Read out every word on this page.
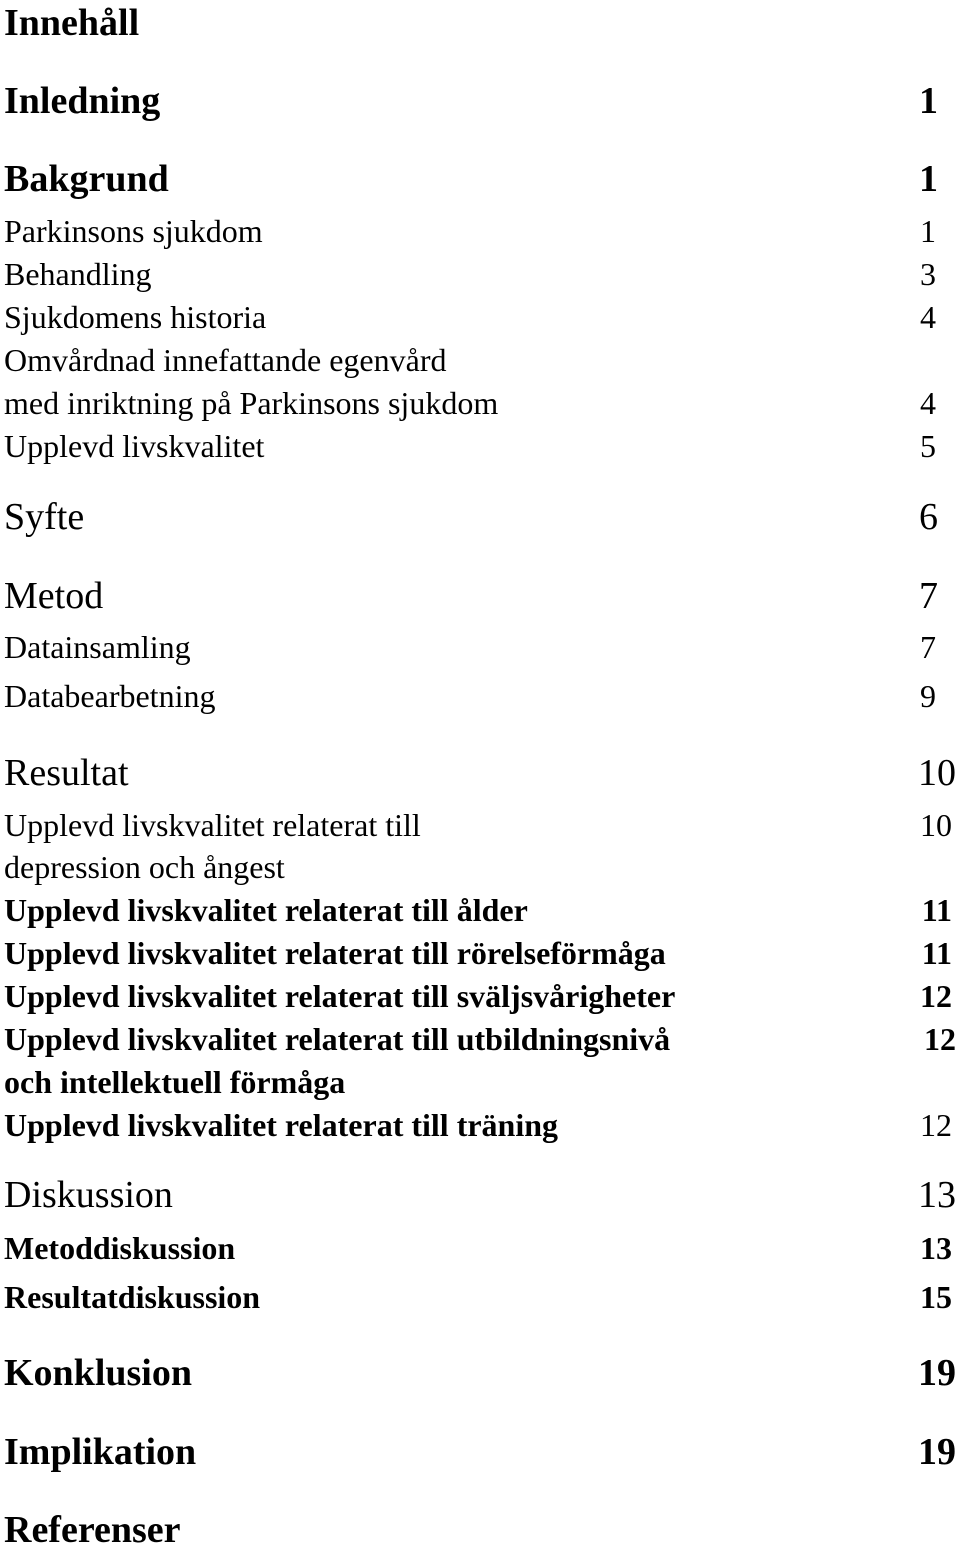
Innehåll
Inledning	1
Bakgrund	1
Parkinsons sjukdom	1
Behandling	3
Sjukdomens historia	4
Omvårdnad innefattande egenvård
med inriktning på Parkinsons sjukdom	4
Upplevd livskvalitet	5
Syfte	6
Metod	7
Datainsamling	7
Databearbetning	9
Resultat	10
Upplevd livskvalitet relaterat till	10
depression och ångest
Upplevd livskvalitet relaterat till ålder	11
Upplevd livskvalitet relaterat till rörelseförmåga	11
Upplevd livskvalitet relaterat till sväljsvårigheter	12
Upplevd livskvalitet relaterat till utbildningsnivå	12
och intellektuell förmåga
Upplevd livskvalitet relaterat till träning	12
Diskussion	13
Metoddiskussion	13
Resultatdiskussion	15
Konklusion	19
Implikation	19
Referenser
